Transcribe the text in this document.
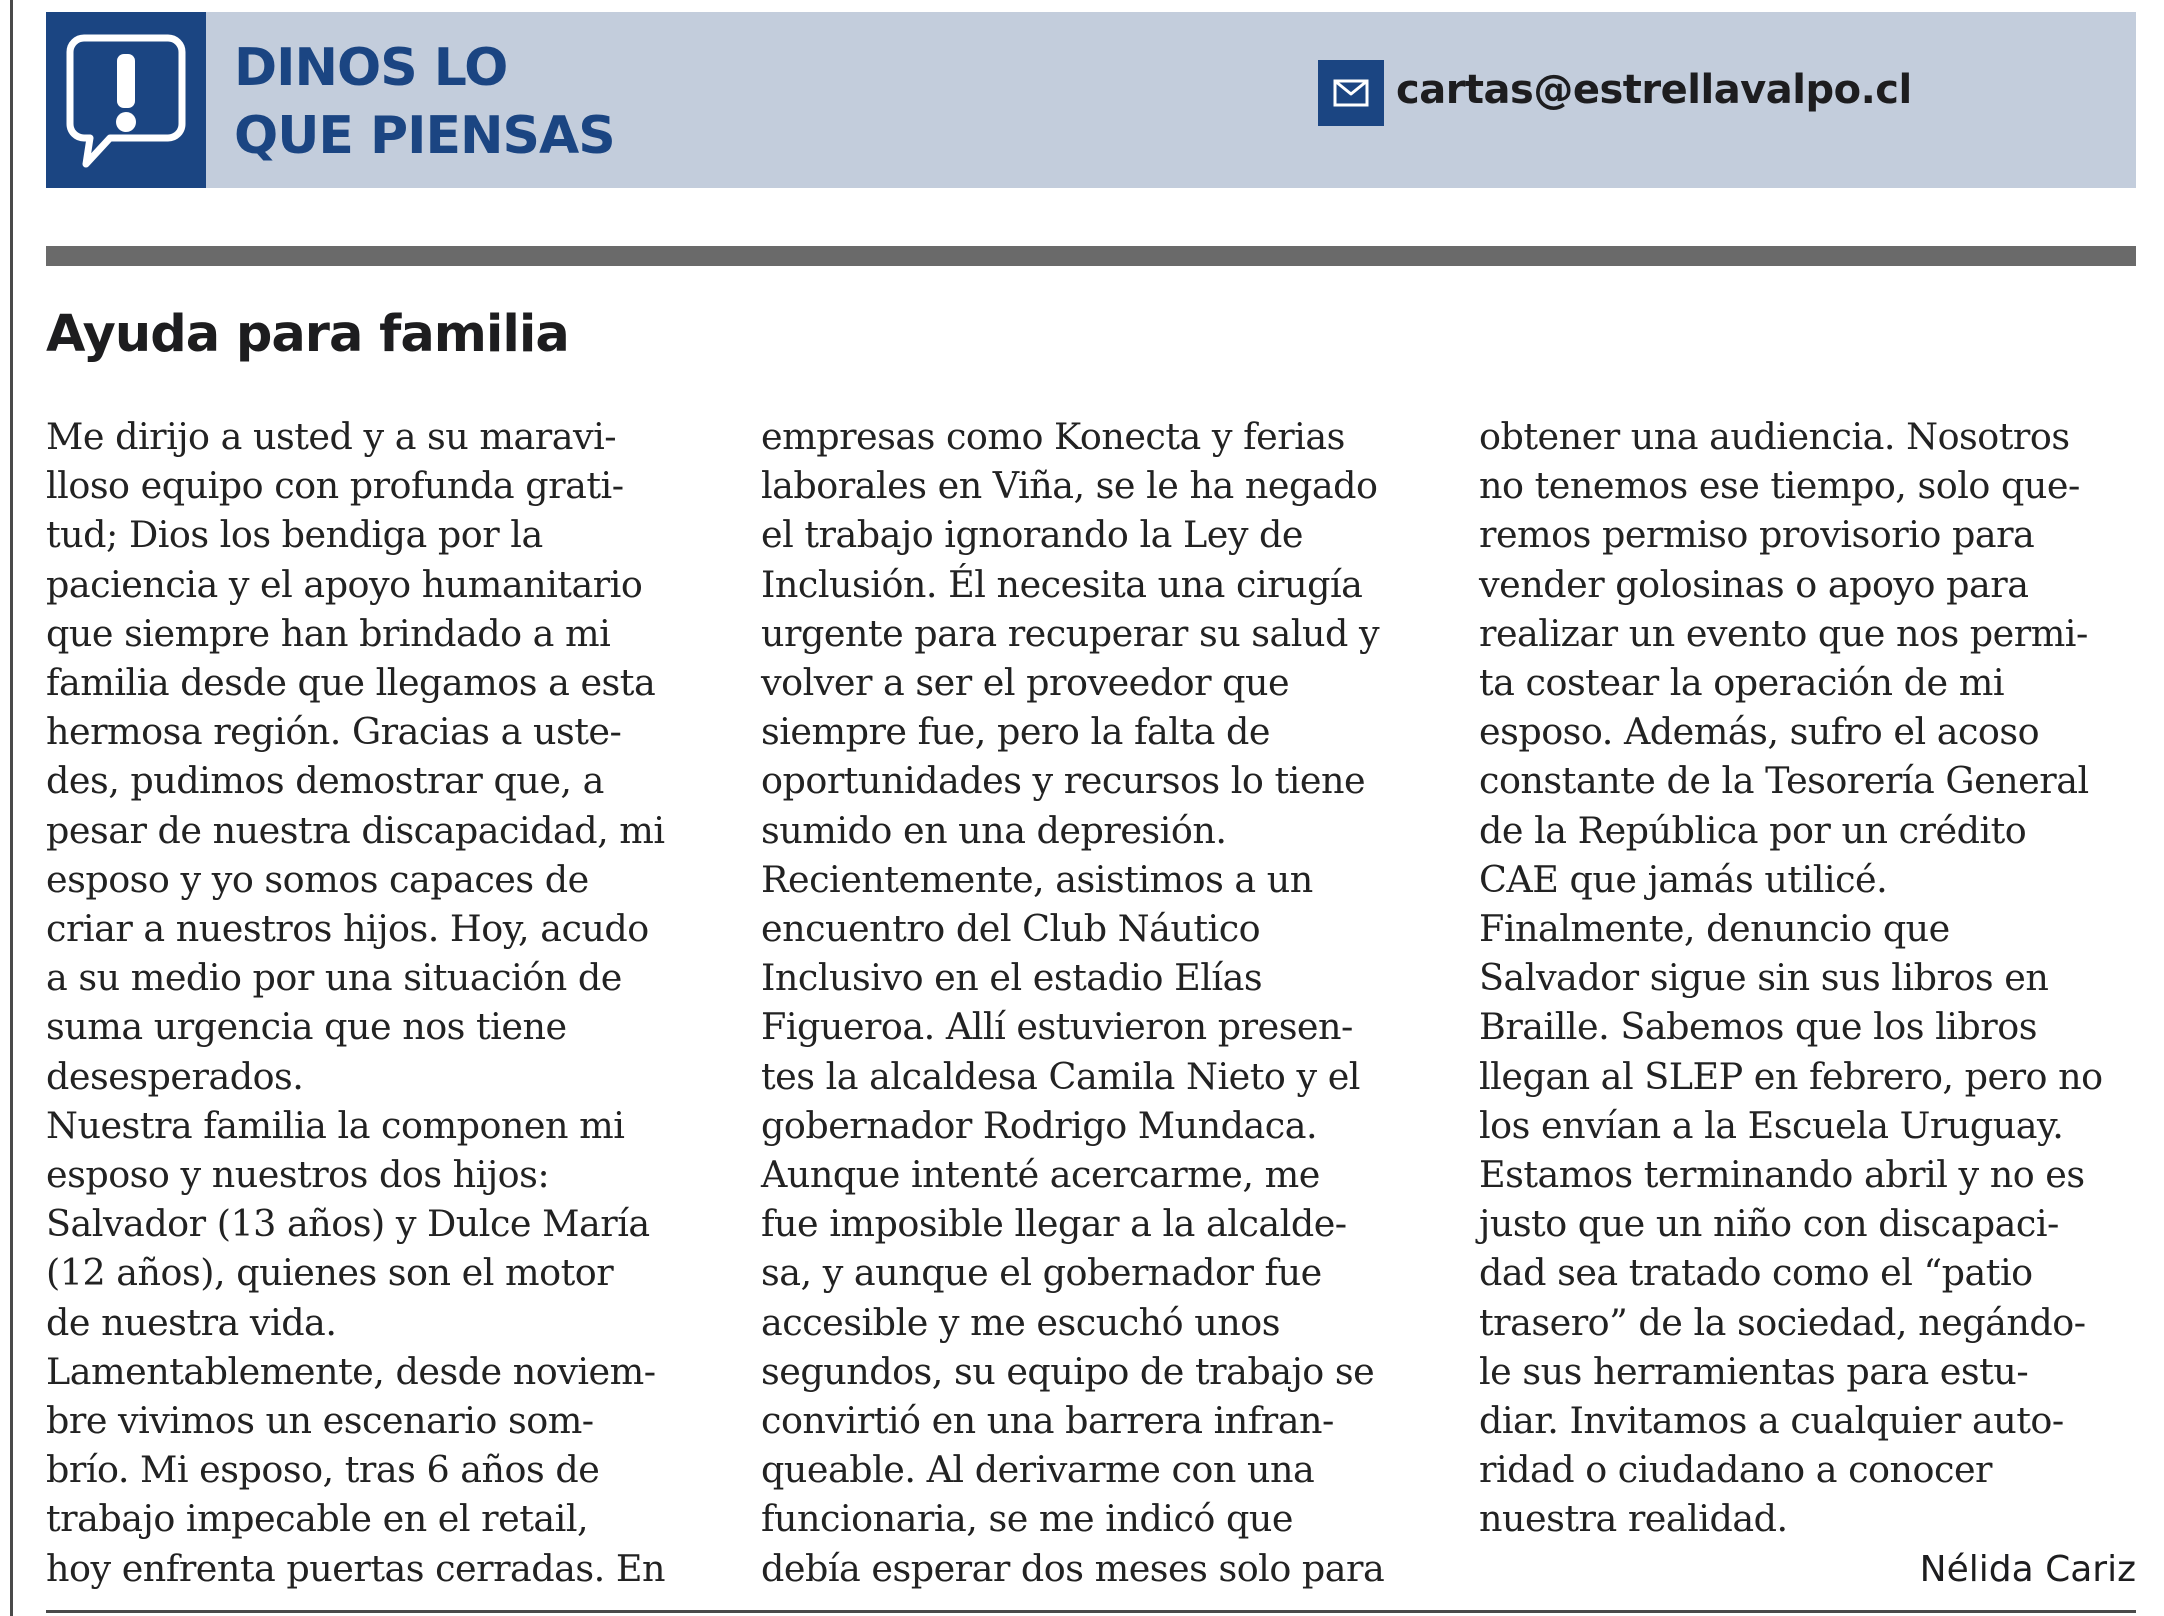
DINOS LO
QUE PIENSAS
cartas@estrellavalpo.cl
Ayuda para familia
Me dirijo a usted y a su maravi-
lloso equipo con profunda grati-
tud; Dios los bendiga por la
paciencia y el apoyo humanitario
que siempre han brindado a mi
familia desde que llegamos a esta
hermosa región. Gracias a uste-
des, pudimos demostrar que, a
pesar de nuestra discapacidad, mi
esposo y yo somos capaces de
criar a nuestros hijos. Hoy, acudo
a su medio por una situación de
suma urgencia que nos tiene
desesperados.
Nuestra familia la componen mi
esposo y nuestros dos hijos:
Salvador (13 años) y Dulce María
(12 años), quienes son el motor
de nuestra vida.
Lamentablemente, desde noviem-
bre vivimos un escenario som-
brío. Mi esposo, tras 6 años de
trabajo impecable en el retail,
hoy enfrenta puertas cerradas. En
empresas como Konecta y ferias
laborales en Viña, se le ha negado
el trabajo ignorando la Ley de
Inclusión. Él necesita una cirugía
urgente para recuperar su salud y
volver a ser el proveedor que
siempre fue, pero la falta de
oportunidades y recursos lo tiene
sumido en una depresión.
Recientemente, asistimos a un
encuentro del Club Náutico
Inclusivo en el estadio Elías
Figueroa. Allí estuvieron presen-
tes la alcaldesa Camila Nieto y el
gobernador Rodrigo Mundaca.
Aunque intenté acercarme, me
fue imposible llegar a la alcalde-
sa, y aunque el gobernador fue
accesible y me escuchó unos
segundos, su equipo de trabajo se
convirtió en una barrera infran-
queable. Al derivarme con una
funcionaria, se me indicó que
debía esperar dos meses solo para
obtener una audiencia. Nosotros
no tenemos ese tiempo, solo que-
remos permiso provisorio para
vender golosinas o apoyo para
realizar un evento que nos permi-
ta costear la operación de mi
esposo. Además, sufro el acoso
constante de la Tesorería General
de la República por un crédito
CAE que jamás utilicé.
Finalmente, denuncio que
Salvador sigue sin sus libros en
Braille. Sabemos que los libros
llegan al SLEP en febrero, pero no
los envían a la Escuela Uruguay.
Estamos terminando abril y no es
justo que un niño con discapaci-
dad sea tratado como el “patio
trasero” de la sociedad, negándo-
le sus herramientas para estu-
diar. Invitamos a cualquier auto-
ridad o ciudadano a conocer
nuestra realidad.
Nélida Cariz
